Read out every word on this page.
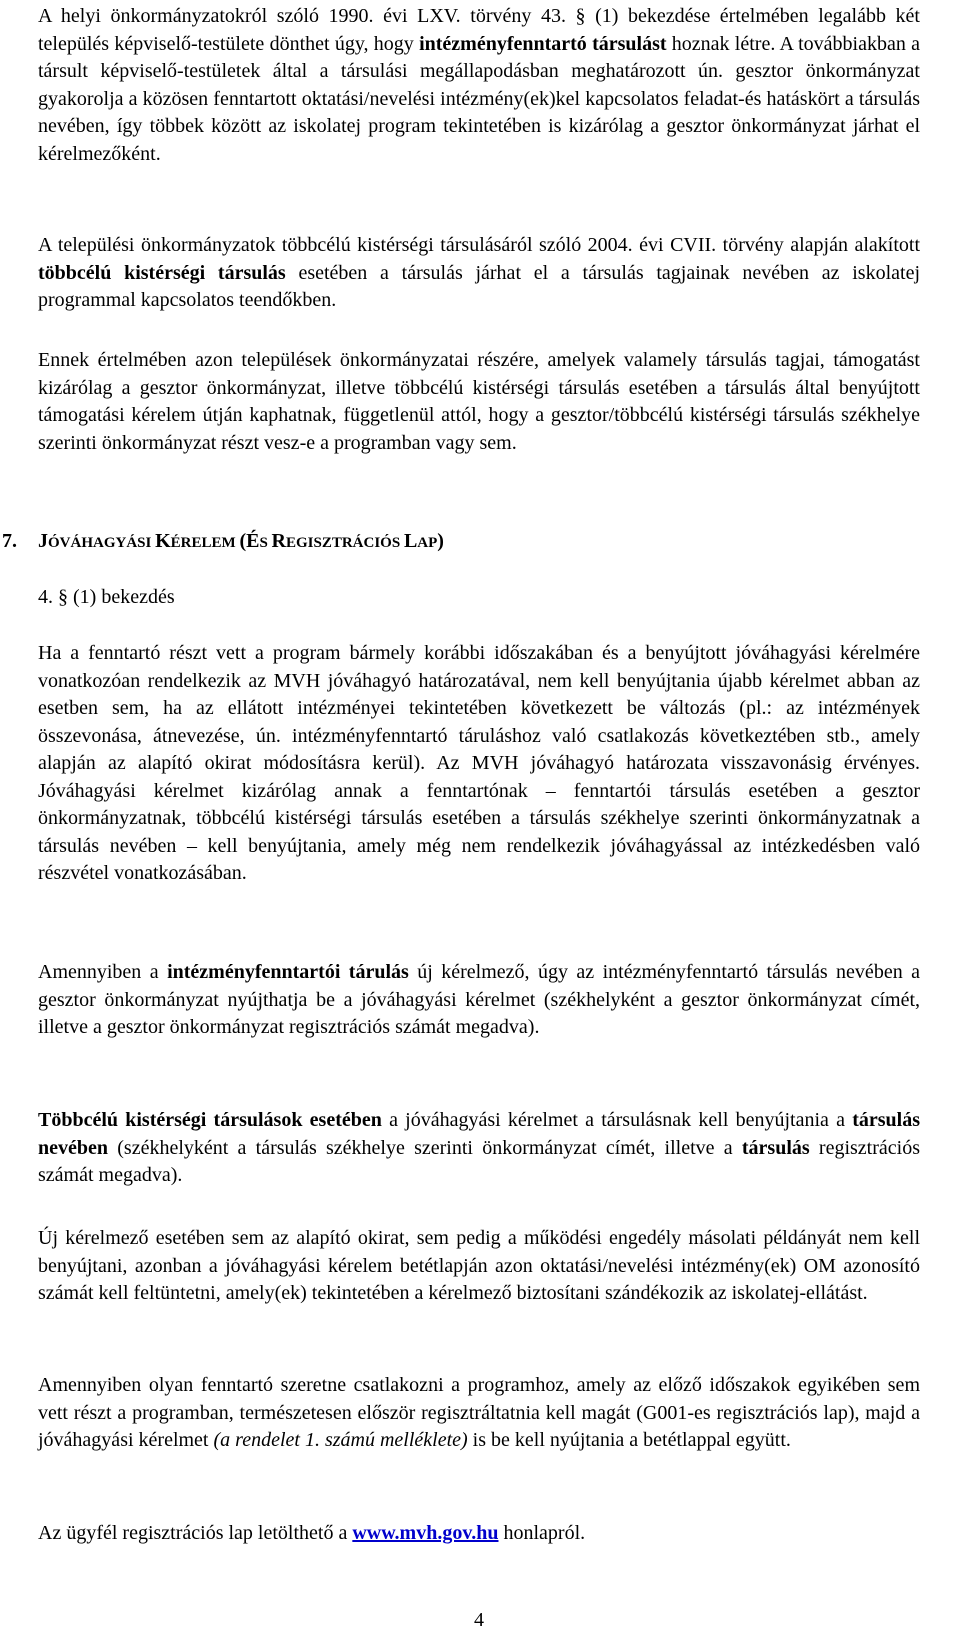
A helyi önkormányzatokról szóló 1990. évi LXV. törvény 43. § (1) bekezdése értelmében legalább két település képviselő-testülete dönthet úgy, hogy intézményfenntartó társulást hoznak létre. A továbbiakban a társult képviselő-testületek által a társulási megállapodásban meghatározott ún. gesztor önkormányzat gyakorolja a közösen fenntartott oktatási/nevelési intézmény(ek)kel kapcsolatos feladat-és hatáskört a társulás nevében, így többek között az iskolatej program tekintetében is kizárólag a gesztor önkormányzat járhat el kérelmezőként.

A települési önkormányzatok többcélú kistérségi társulásáról szóló 2004. évi CVII. törvény alapján alakított többcélú kistérségi társulás esetében a társulás járhat el a társulás tagjainak nevében az iskolatej programmal kapcsolatos teendőkben.

Ennek értelmében azon települések önkormányzatai részére, amelyek valamely társulás tagjai, támogatást kizárólag a gesztor önkormányzat, illetve többcélú kistérségi társulás esetében a társulás által benyújtott támogatási kérelem útján kaphatnak, függetlenül attól, hogy a gesztor/többcélú kistérségi társulás székhelye szerinti önkormányzat részt vesz-e a programban vagy sem.

7. JÓVÁHAGYÁSI KÉRELEM (ÉS REGISZTRÁCIÓS LAP)
4. § (1) bekezdés

Ha a fenntartó részt vett a program bármely korábbi időszakában és a benyújtott jóváhagyási kérelmére vonatkozóan rendelkezik az MVH jóváhagyó határozatával, nem kell benyújtania újabb kérelmet abban az esetben sem, ha az ellátott intézményei tekintetében következett be változás (pl.: az intézmények összevonása, átnevezése, ún. intézményfenntartó táruláshoz való csatlakozás következtében stb., amely alapján az alapító okirat módosításra kerül). Az MVH jóváhagyó határozata visszavonásig érvényes. Jóváhagyási kérelmet kizárólag annak a fenntartónak – fenntartói társulás esetében a gesztor önkormányzatnak, többcélú kistérségi társulás esetében a társulás székhelye szerinti önkormányzatnak a társulás nevében – kell benyújtania, amely még nem rendelkezik jóváhagyással az intézkedésben való részvétel vonatkozásában.

Amennyiben a intézményfenntartói tárulás új kérelmező, úgy az intézményfenntartó társulás nevében a gesztor önkormányzat nyújthatja be a jóváhagyási kérelmet (székhelyként a gesztor önkormányzat címét, illetve a gesztor önkormányzat regisztrációs számát megadva).

Többcélú kistérségi társulások esetében a jóváhagyási kérelmet a társulásnak kell benyújtania a társulás nevében (székhelyként a társulás székhelye szerinti önkormányzat címét, illetve a társulás regisztrációs számát megadva).

Új kérelmező esetében sem az alapító okirat, sem pedig a működési engedély másolati példányát nem kell benyújtani, azonban a jóváhagyási kérelem betétlapján azon oktatási/nevelési intézmény(ek) OM azonosító számát kell feltüntetni, amely(ek) tekintetében a kérelmező biztosítani szándékozik az iskolatej-ellátást.

Amennyiben olyan fenntartó szeretne csatlakozni a programhoz, amely az előző időszakok egyikében sem vett részt a programban, természetesen először regisztráltatnia kell magát (G001-es regisztrációs lap), majd a jóváhagyási kérelmet (a rendelet 1. számú melléklete) is be kell nyújtania a betétlappal együtt.

Az ügyfél regisztrációs lap letölthető a www.mvh.gov.hu honlapról.

4
